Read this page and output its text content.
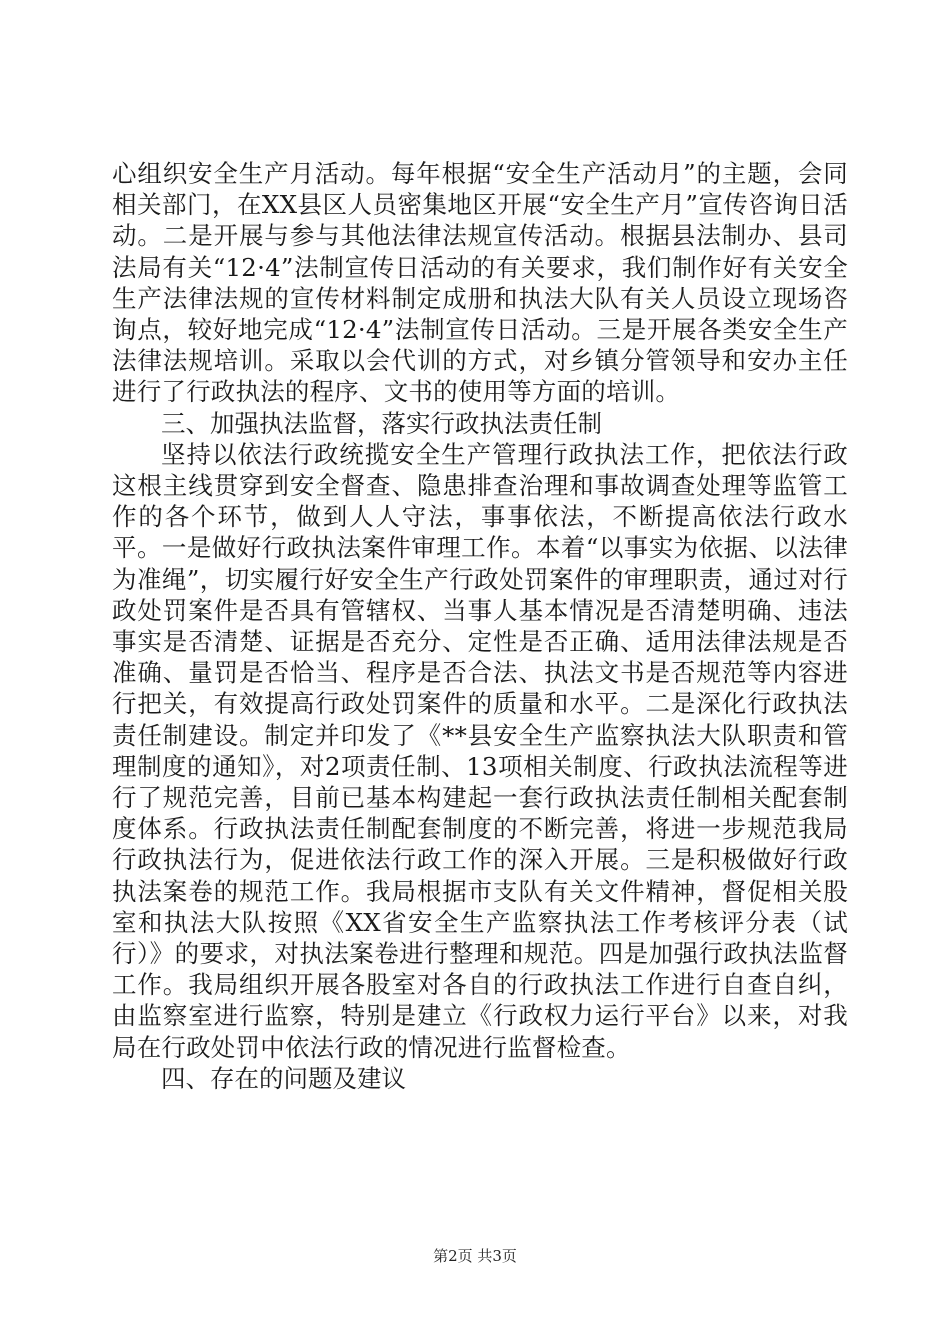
心组织安全生产月活动。每年根据“安全生产活动月”的主题，会同相关部门，在XX县区人员密集地区开展“安全生产月”宣传咨询日活动。二是开展与参与其他法律法规宣传活动。根据县法制办、县司法局有关“12·4”法制宣传日活动的有关要求，我们制作好有关安全生产法律法规的宣传材料制定成册和执法大队有关人员设立现场咨询点，较好地完成“12·4”法制宣传日活动。三是开展各类安全生产法律法规培训。采取以会代训的方式，对乡镇分管领导和安办主任进行了行政执法的程序、文书的使用等方面的培训。

三、加强执法监督，落实行政执法责任制

坚持以依法行政统揽安全生产管理行政执法工作，把依法行政这根主线贯穿到安全督查、隐患排查治理和事故调查处理等监管工作的各个环节，做到人人守法，事事依法，不断提高依法行政水平。一是做好行政执法案件审理工作。本着“以事实为依据、以法律为准绳”，切实履行好安全生产行政处罚案件的审理职责，通过对行政处罚案件是否具有管辖权、当事人基本情况是否清楚明确、违法事实是否清楚、证据是否充分、定性是否正确、适用法律法规是否准确、量罚是否恰当、程序是否合法、执法文书是否规范等内容进行把关，有效提高行政处罚案件的质量和水平。二是深化行政执法责任制建设。制定并印发了《**县安全生产监察执法大队职责和管理制度的通知》，对2项责任制、13项相关制度、行政执法流程等进行了规范完善，目前已基本构建起一套行政执法责任制相关配套制度体系。行政执法责任制配套制度的不断完善，将进一步规范我局行政执法行为，促进依法行政工作的深入开展。三是积极做好行政执法案卷的规范工作。我局根据市支队有关文件精神，督促相关股室和执法大队按照《XX省安全生产监察执法工作考核评分表（试行）》的要求，对执法案卷进行整理和规范。四是加强行政执法监督工作。我局组织开展各股室对各自的行政执法工作进行自查自纠，由监察室进行监察，特别是建立《行政权力运行平台》以来，对我局在行政处罚中依法行政的情况进行监督检查。

四、存在的问题及建议

第2页 共3页
